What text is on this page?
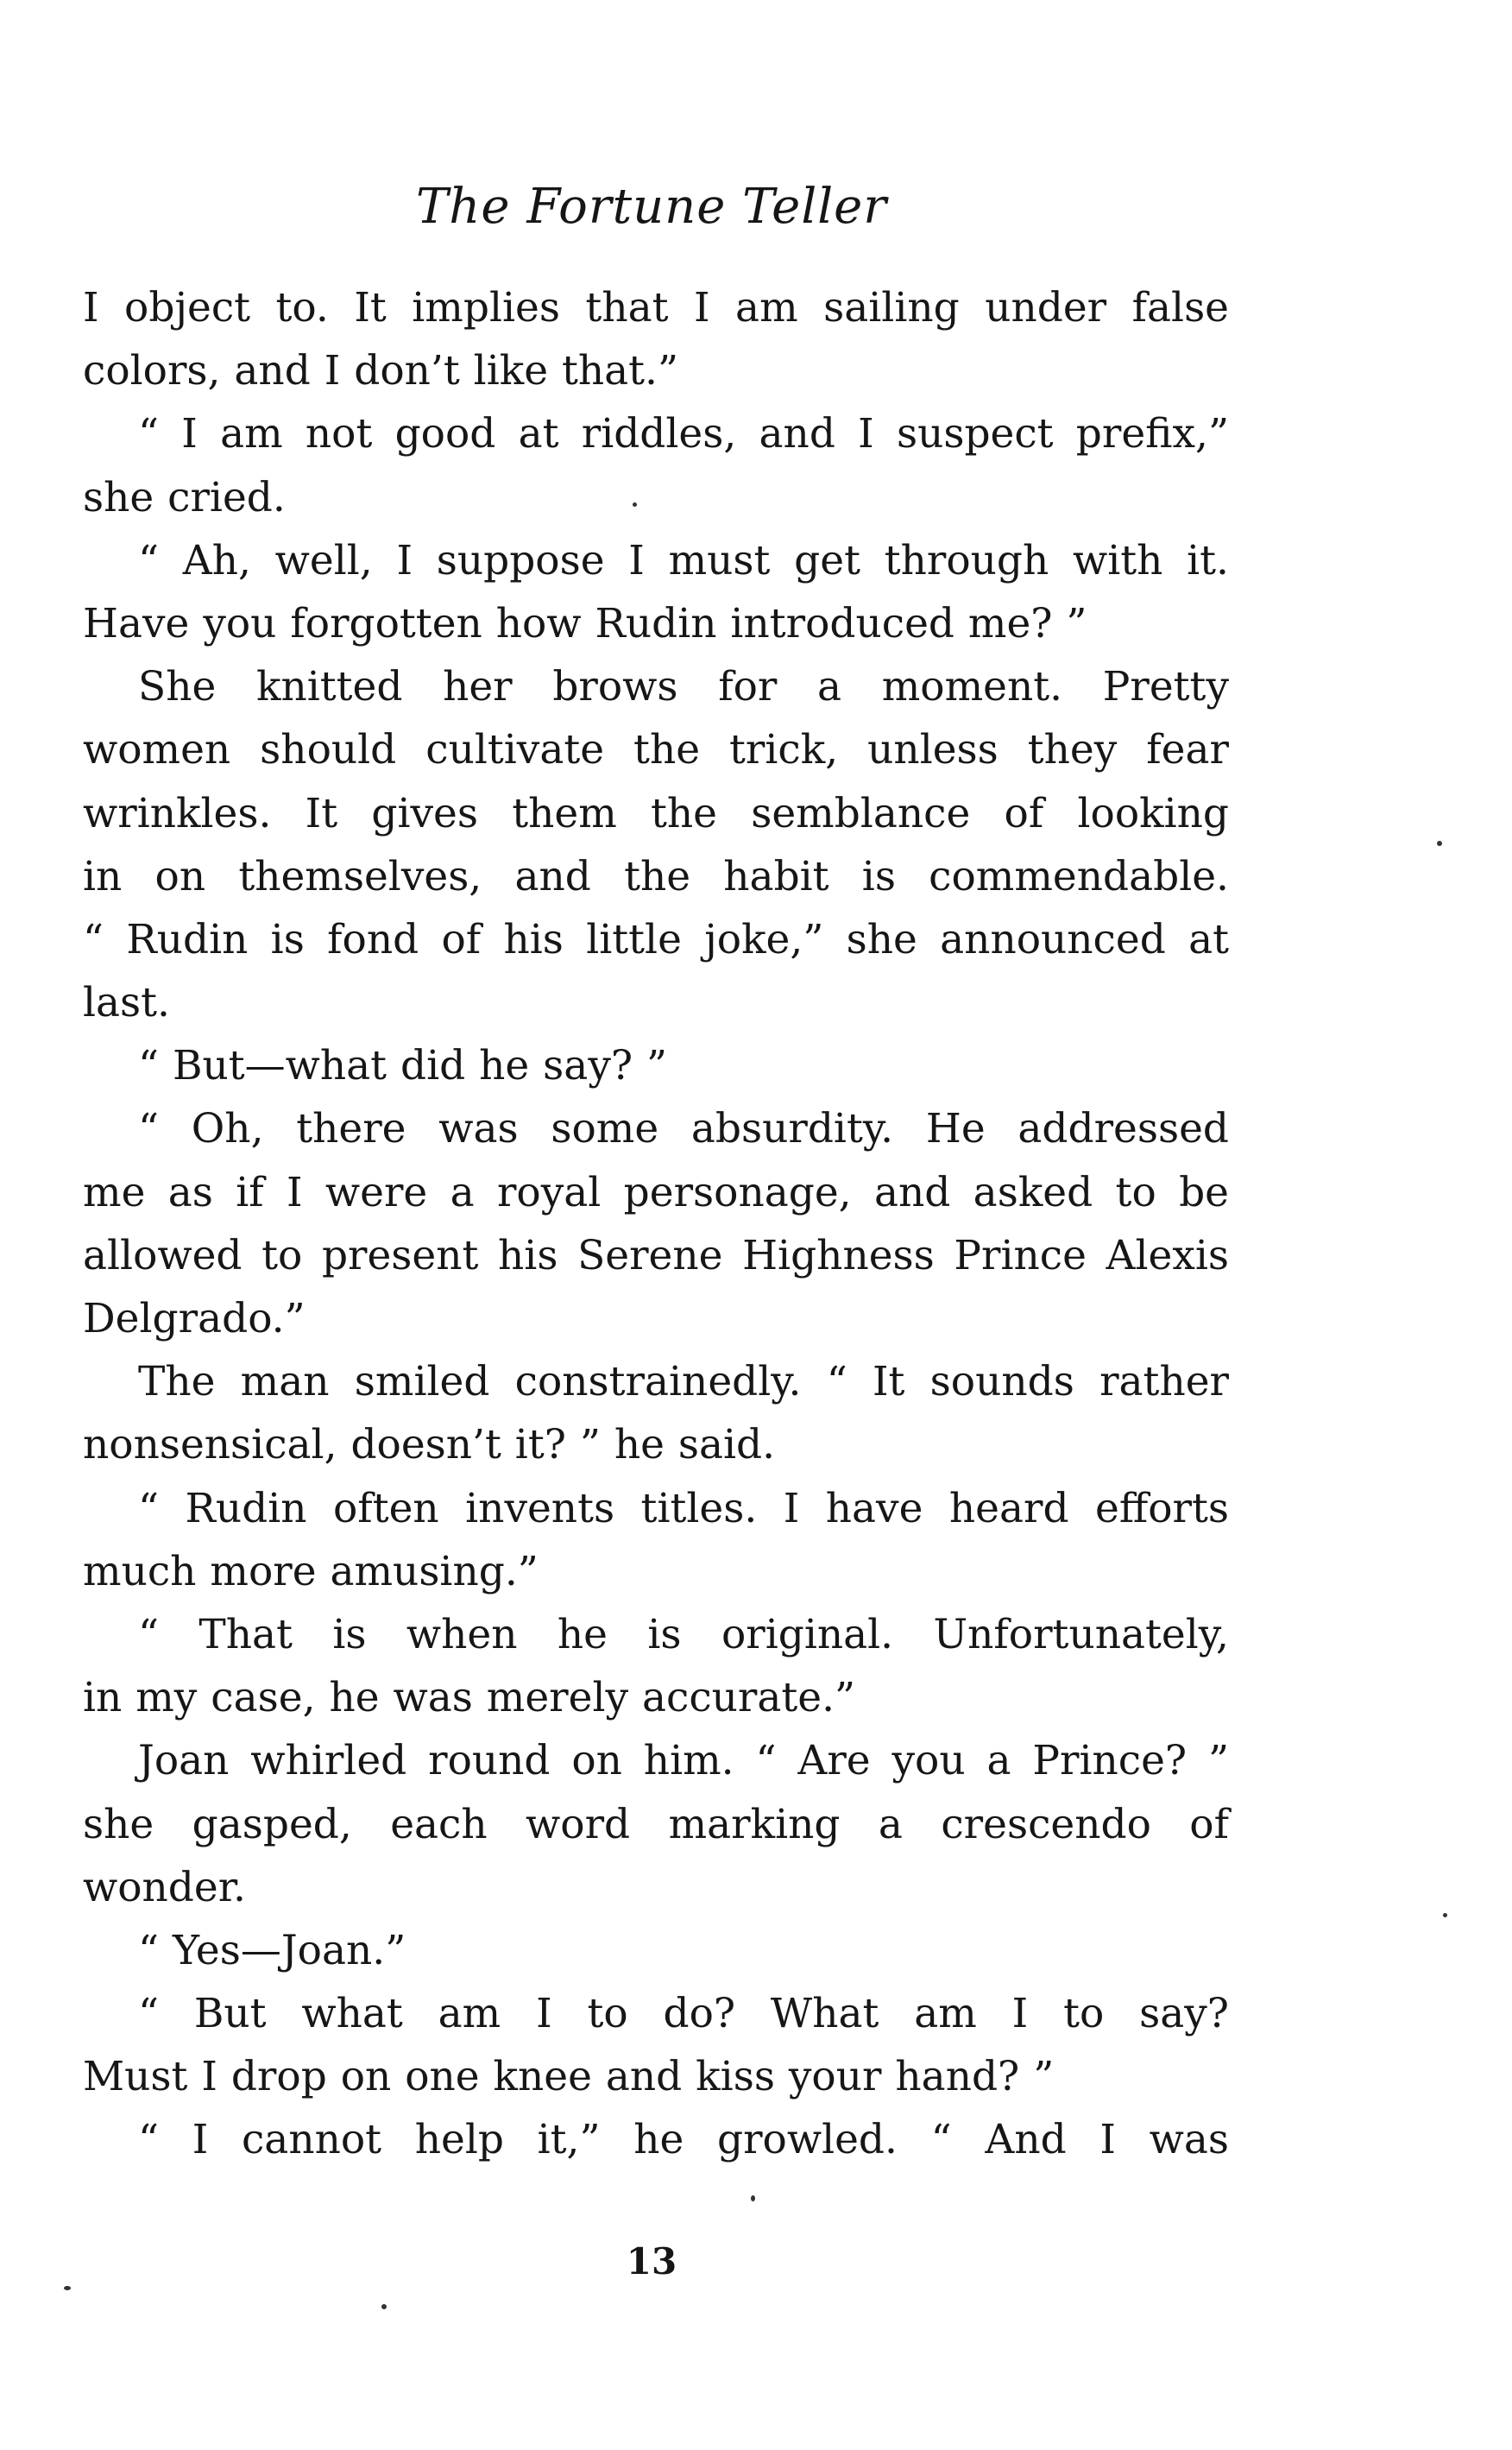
The Fortune Teller
I object to. It implies that I am sailing under false
colors, and I don’t like that.”
“ I am not good at riddles, and I suspect prefix,”
she cried.
“ Ah, well, I suppose I must get through with it.
Have you forgotten how Rudin introduced me? ”
She knitted her brows for a moment. Pretty
women should cultivate the trick, unless they fear
wrinkles. It gives them the semblance of looking
in on themselves, and the habit is commendable.
“ Rudin is fond of his little joke,” she announced at
last.
“ But—what did he say? ”
“ Oh, there was some absurdity. He addressed
me as if I were a royal personage, and asked to be
allowed to present his Serene Highness Prince Alexis
Delgrado.”
The man smiled constrainedly. “ It sounds rather
nonsensical, doesn’t it? ” he said.
“ Rudin often invents titles. I have heard efforts
much more amusing.”
“ That is when he is original. Unfortunately,
in my case, he was merely accurate.”
Joan whirled round on him. “ Are you a Prince? ”
she gasped, each word marking a crescendo of
wonder.
“ Yes—Joan.”
“ But what am I to do? What am I to say?
Must I drop on one knee and kiss your hand? ”
“ I cannot help it,” he growled. “ And I was
13
